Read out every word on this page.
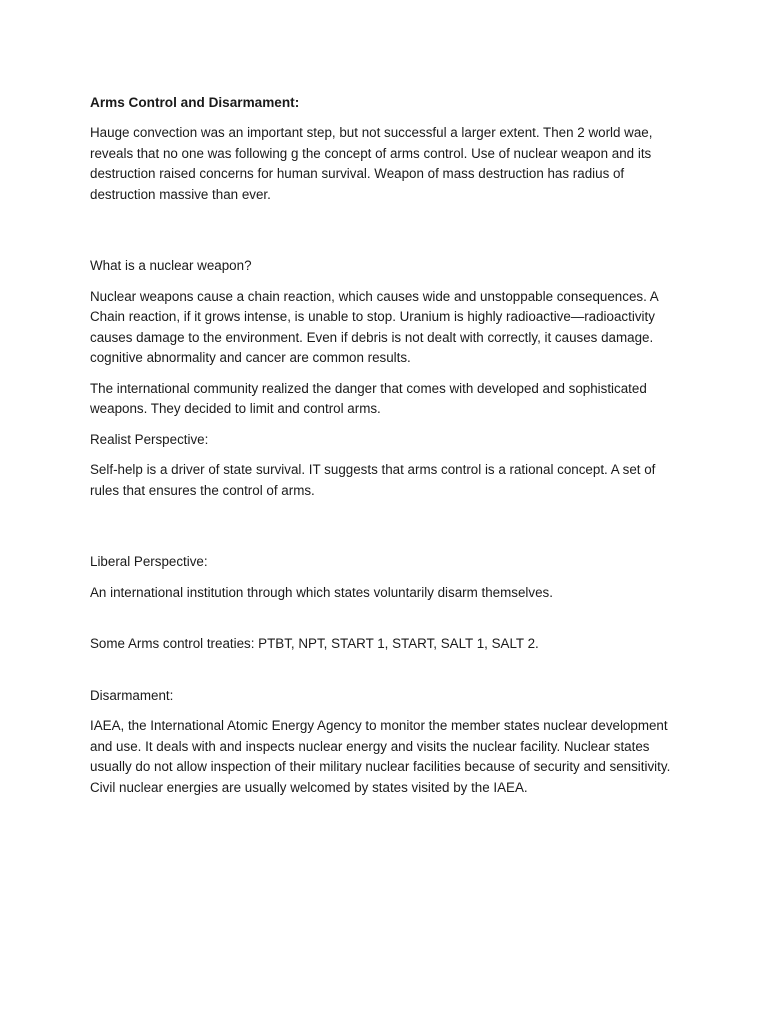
Arms Control and Disarmament:

Hauge convection was an important step, but not successful a larger extent. Then 2 world wae, reveals that no one was following g the concept of arms control. Use of nuclear weapon and its destruction raised concerns for human survival. Weapon of mass destruction has radius of destruction massive than ever.

What is a nuclear weapon?

Nuclear weapons cause a chain reaction, which causes wide and unstoppable consequences. A Chain reaction, if it grows intense, is unable to stop. Uranium is highly radioactive—radioactivity causes damage to the environment. Even if debris is not dealt with correctly, it causes damage. cognitive abnormality and cancer are common results.

The international community realized the danger that comes with developed and sophisticated weapons. They decided to limit and control arms.

Realist Perspective:

Self-help is a driver of state survival. IT suggests that arms control is a rational concept. A set of rules that ensures the control of arms.

Liberal Perspective:

An international institution through which states voluntarily disarm themselves.

Some Arms control treaties: PTBT, NPT, START 1, START, SALT 1, SALT 2.

Disarmament:

IAEA, the International Atomic Energy Agency to monitor the member states nuclear development and use. It deals with and inspects nuclear energy and visits the nuclear facility. Nuclear states usually do not allow inspection of their military nuclear facilities because of security and sensitivity. Civil nuclear energies are usually welcomed by states visited by the IAEA.
